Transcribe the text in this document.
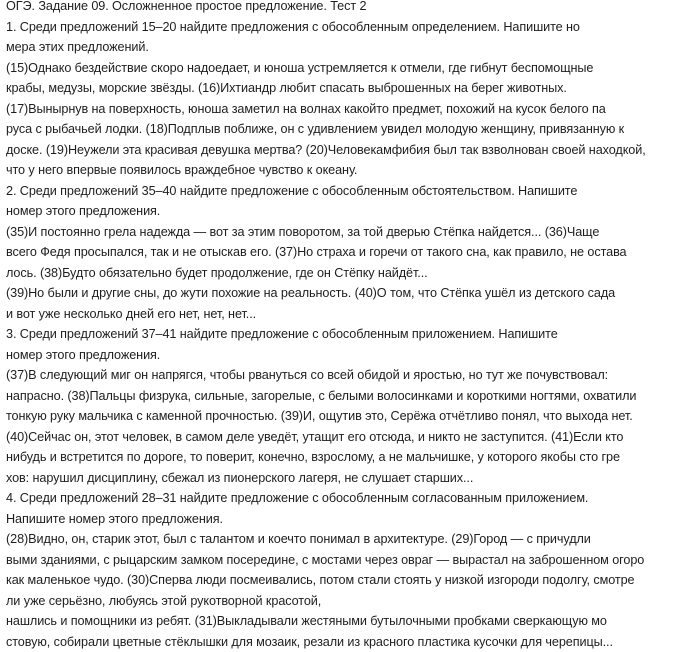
ОГЭ. Задание 09. Осложненное простое предложение. Тест 2
1. Среди предложений 15–20 найдите предложения с обособленным определением. Напишите но
мера этих предложений.
(15)Однако бездействие скоро надоедает, и юноша устремляется к отмели, где гибнут беспомощные
крабы, медузы, морские звёзды. (16)Ихтиандр любит спасать выброшенных на берег животных.
(17)Вынырнув на поверхность, юноша заметил на волнах какойто предмет, похожий на кусок белого па
руса с рыбачьей лодки. (18)Подплыв поближе, он с удивлением увидел молодую женщину, привязанную к
доске. (19)Неужели эта красивая девушка мертва? (20)Человекамфибия был так взволнован своей находкой,
что у него впервые появилось враждебное чувство к океану.
2. Среди предложений 35–40 найдите предложение с обособленным обстоятельством. Напишите
номер этого предложения.
(35)И постоянно грела надежда — вот за этим поворотом, за той дверью Стёпка найдется... (36)Чаще
всего Федя просыпался, так и не отыскав его. (37)Но страха и горечи от такого сна, как правило, не остава
лось. (38)Будто обязательно будет продолжение, где он Стёпку найдёт...
(39)Но были и другие сны, до жути похожие на реальность. (40)О том, что Стёпка ушёл из детского сада
и вот уже несколько дней его нет, нет, нет...
3. Среди предложений 37–41 найдите предложение с обособленным приложением. Напишите
номер этого предложения.
(37)В следующий миг он напрягся, чтобы рвануться со всей обидой и яростью, но тут же почувствовал:
напрасно. (38)Пальцы физрука, сильные, загорелые, с белыми волосинками и короткими ногтями, охватили
тонкую руку мальчика с каменной прочностью. (39)И, ощутив это, Серёжа отчётливо понял, что выхода нет.
(40)Сейчас он, этот человек, в самом деле уведёт, утащит его отсюда, и никто не заступится. (41)Если кто
нибудь и встретится по дороге, то поверит, конечно, взрослому, а не мальчишке, у которого якобы сто гре
хов: нарушил дисциплину, сбежал из пионерского лагеря, не слушает старших...
4. Среди предложений 28–31 найдите предложение с обособленным согласованным приложением.
Напишите номер этого предложения.
(28)Видно, он, старик этот, был с талантом и коечто понимал в архитектуре. (29)Город — с причудли
выми зданиями, с рыцарским замком посередине, с мостами через овраг — вырастал на заброшенном огоро
как маленькое чудо. (30)Сперва люди посмеивались, потом стали стоять у низкой изгороди подолгу, смотре
ли уже серьёзно, любуясь этой рукотворной красотой,
нашлись и помощники из ребят. (31)Выкладывали жестяными бутылочными пробками сверкающую мо
стовую, собирали цветные стёклышки для мозаик, резали из красного пластика кусочки для черепицы...
